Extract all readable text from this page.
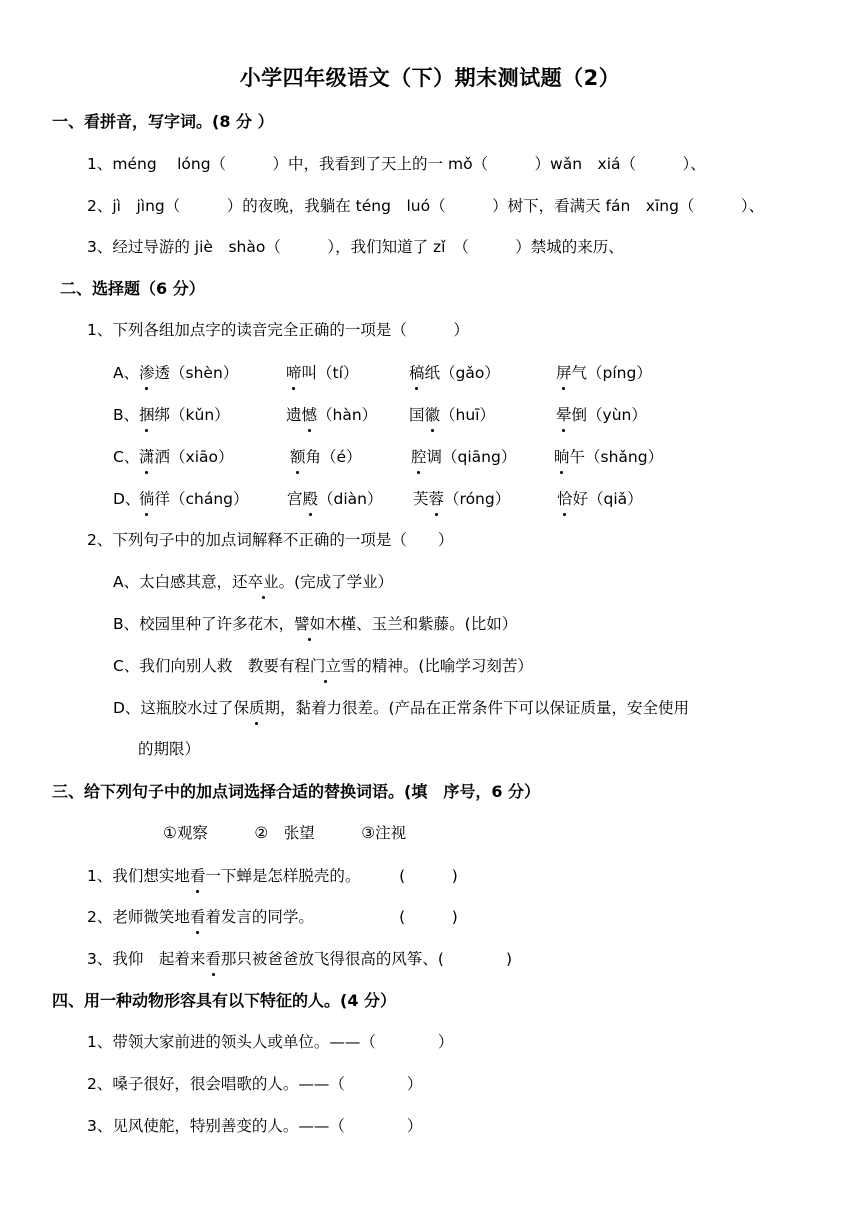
小学四年级语文（下）期末测试题（2）
一、看拼音，写字词。(8 分 ）
1、méng　 lóng（　　　）中，我看到了天上的一 mǒ（　　　）wǎn　xiá（　　　）、
2、jì　jìng（　　　）的夜晚，我躺在 téng　luó（　　　）树下，看满天 fán　xīng（　　　）、
3、经过导游的 jiè　shào（　　　），我们知道了 zǐ　（　　　）禁城的来历、
二、选择题（6 分）
1、下列各组加点字的读音完全正确的一项是（　　　）
A、 渗透（shèn）	啼叫（tí）	稿纸（gǎo）	屏气（píng）
B、 捆绑（kǔn）	遗憾（hàn） 国徽（huī）	晕倒（yùn）
C、 潇洒（xiāo）	额角（é）	腔调（qiāng） 晌午（shǎng）
D、
徜徉（cháng） 宫殿（diàn） 芙蓉（róng）	恰好（qiǎ）
2、下列句子中的加点词解释不正确的一项是（　　）
A、太白感其意，还卒业。(完成了学业）
B、校园里种了许多花木，譬如木槿、玉兰和紫藤。(比如）
C、我们向别人救　教要有程门立雪的精神。(比喻学习刻苦）
D、这瓶胶水过了保质期，黏着力很差。(产品在正常条件下可以保证质量，安全使用
的期限）
三、给下列句子中的加点词选择合适的替换词语。(填　序号，6 分）
①观察　　　②　张望　　　③注视
1、我们想实地看一下蝉是怎样脱壳的。　　　(　　　)
2、老师微笑地看着发言的同学。　　　　　　(　　　)
3、我仰　起着来看那只被爸爸放飞得很高的风筝、(　　　　)
四、用一种动物形容具有以下特征的人。(4 分）
1、带领大家前进的领头人或单位。——（　　　　）
2、嗓子很好，很会唱歌的人。——（　　　　）
3、见风使舵，特别善变的人。——（　　　　）
